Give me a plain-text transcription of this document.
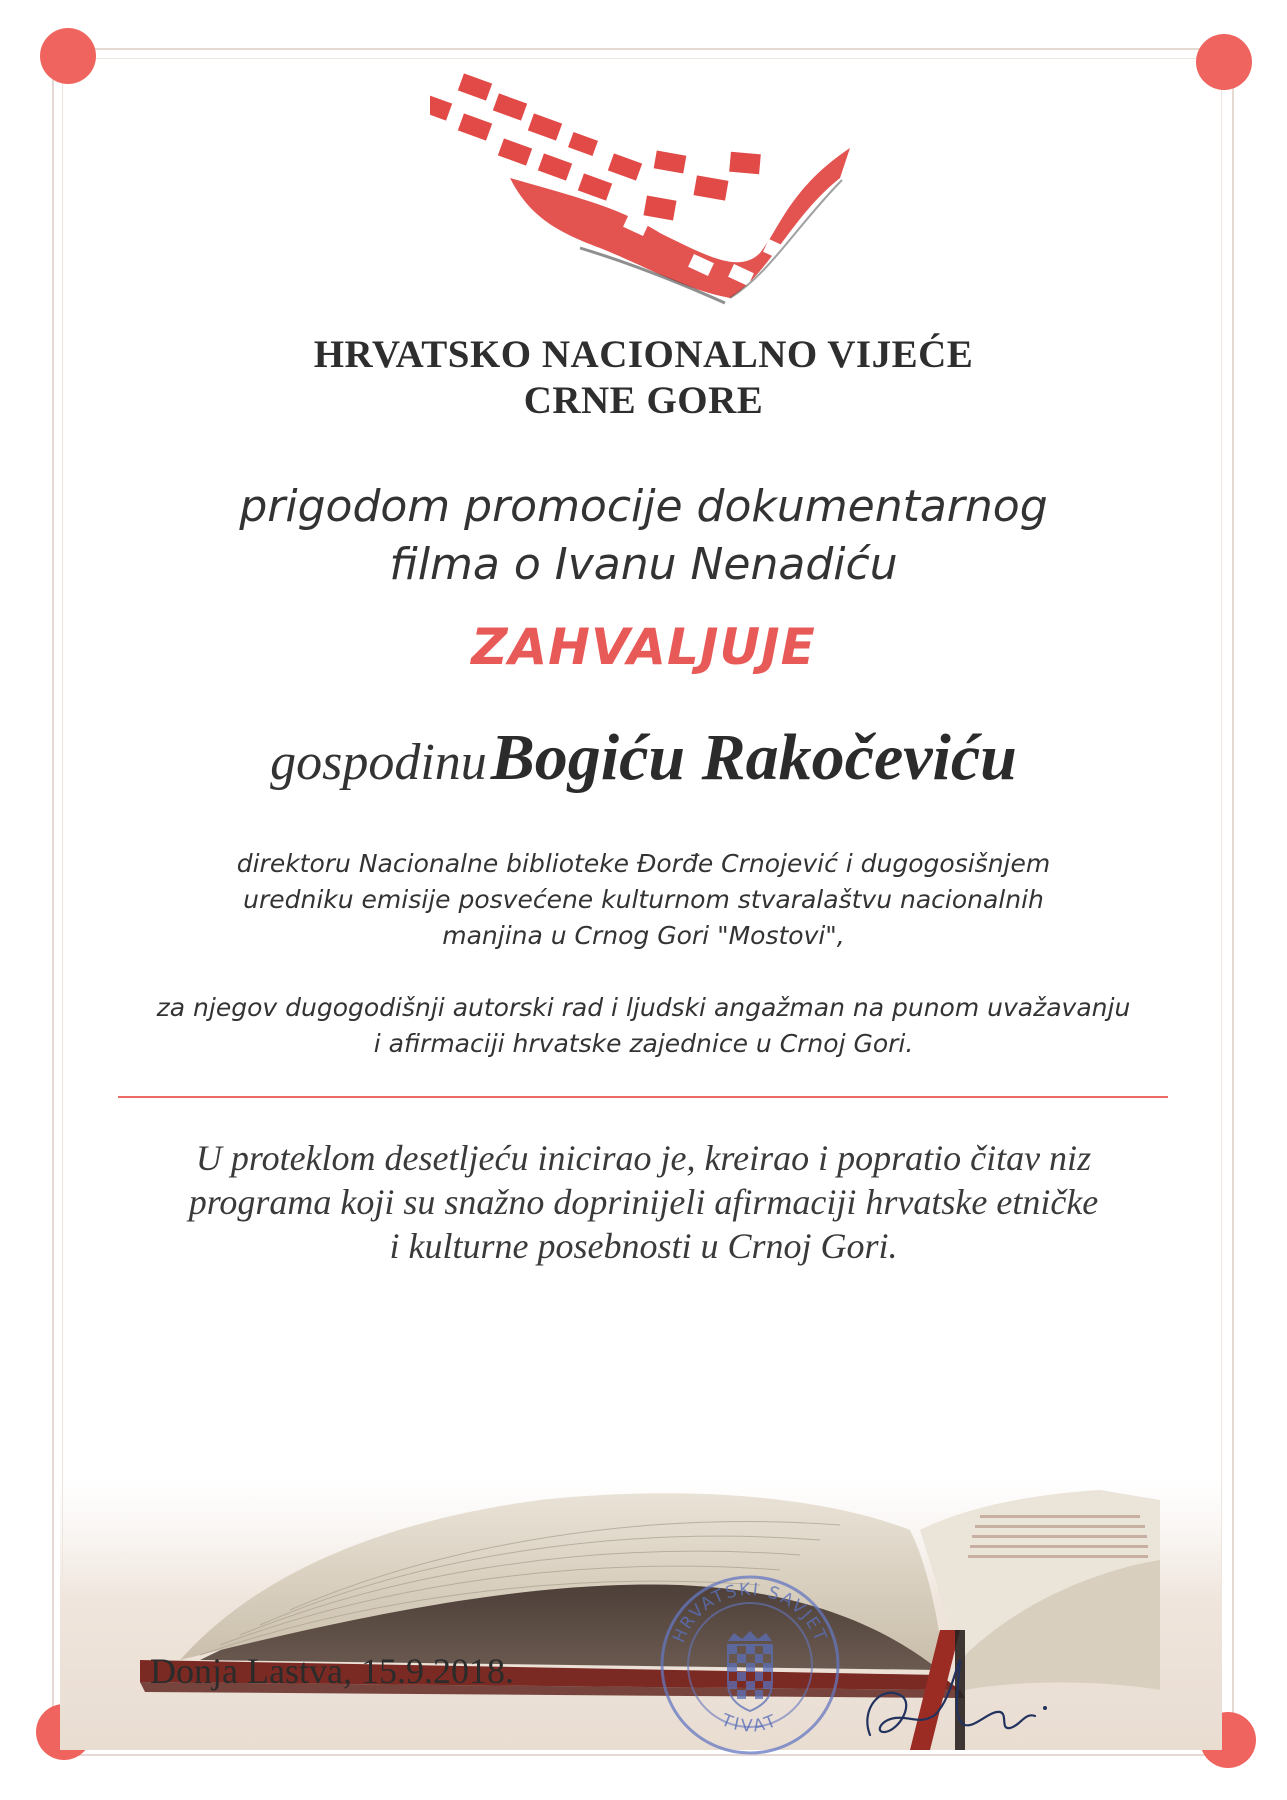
HRVATSKO NACIONALNO VIJEĆE
CRNE GORE
prigodom promocije dokumentarnog
filma o Ivanu Nenadiću
ZAHVALJUJE
gospodinu Bogiću Rakočeviću
direktoru Nacionalne biblioteke Đorđe Crnojević i dugogosišnjem
uredniku emisije posvećene kulturnom stvaralaštvu nacionalnih
manjina u Crnog Gori "Mostovi",
za njegov dugogodišnji autorski rad i ljudski angažman na punom uvažavanju
i afirmaciji hrvatske zajednice u Crnoj Gori.
U proteklom desetljeću inicirao je, kreirao i popratio čitav niz
programa koji su snažno doprinijeli afirmaciji hrvatske etničke
i kulturne posebnosti u Crnoj Gori.
Donja Lastva, 15.9.2018.
HRVATSKI SAVJET
TIVAT
